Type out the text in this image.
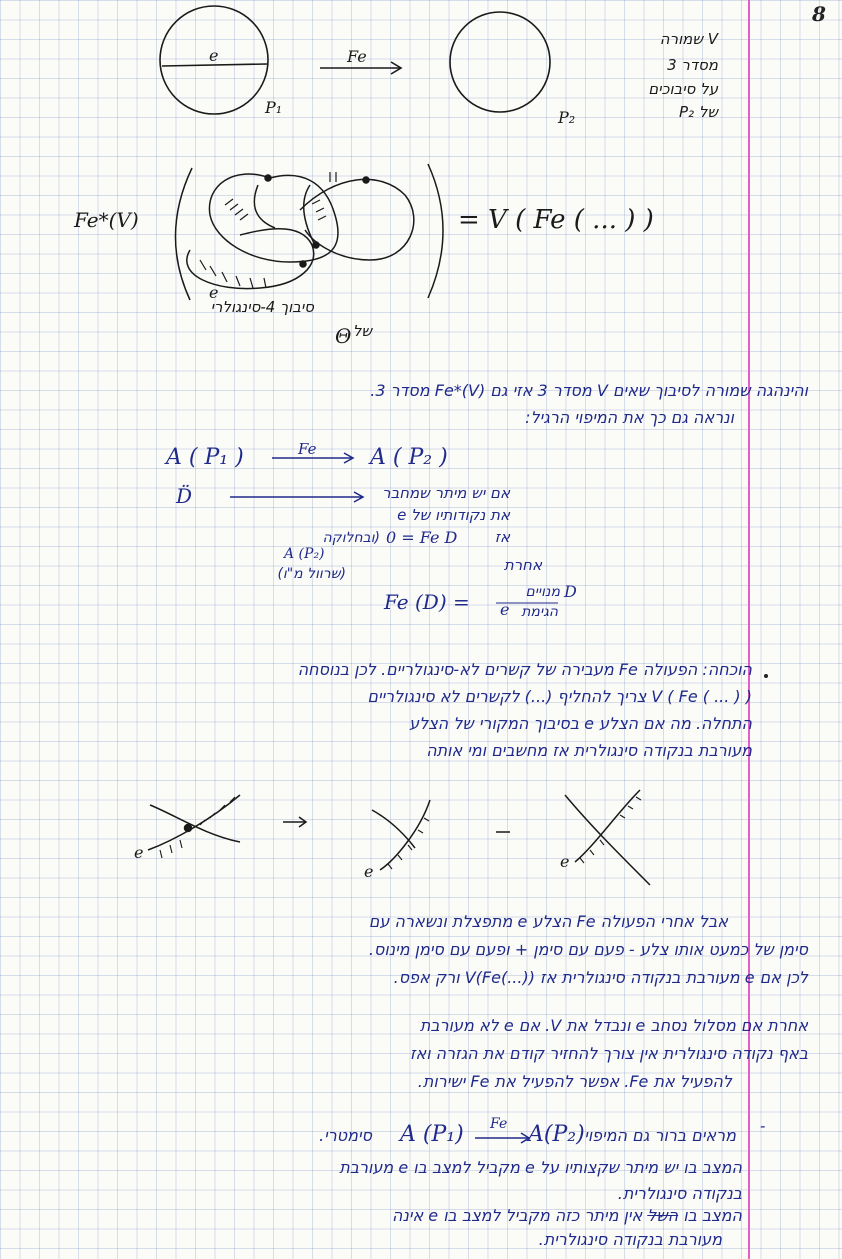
8
e	Fe
P₁
P₂
V שמורה
מסדר 3
על סיבוכים
של P₂
Fe*(V)
e
= V ( Fe ( ... ) )
סיבוך 4-סינגולרי
של
Θ
והינהגה שמורה לסיבוך שאים V מסדר 3 אזי גם Fe*(V) מסדר 3.
ונראה גם כך את המיפוי הרגיל:
A ( P₁ )	Fe A ( P₂ )
D̈	אם יש מיתר שמחבר
את נקודותיו של e
אז
0 = Fe D
(ובחלוקה
A (P₂)
(שרוול מ"ו)	אחרת
Fe (D) =	מנויים D
e הגימת
הוכחה: הפעולה Fe מעבירה של קשרים לא-סינגולריים. לכן בנוסחה
V ( Fe ( ... ) ) צריך להחליף (...) לקשרים לא סינגולריים
התחלה. מה אם הצלע e בסיבוך המקורי של הצלע
מעורבת בנקודה סינגולרית אז מחשבים ומי אותה
e
e
e
אבל אחרי הפעולה Fe הצלע e מתפצלת ונשארה עם
סימן של כמעט אותו צלע - פעם עם סימן + ופעם עם סימן מינוס.
לכן אם e מעורבת בנקודה סינגולרית אז V(Fe(...)) ורק אפס.
אחרת אם מסלול נסחב e ונבדל את V. אם e לא מעורבת
באף נקודה סינגולרית אין צורך להחזיר קודם את הגזרה ואז
להפעיל את Fe. אפשר להפעיל את Fe ישירות.
-
מראים ברור גם המיפוי
A (P₁) Fe A(P₂)
סימטרי.
המצב בו יש מיתר שקצותיו על e מקביל למצב בו e מעורבת
בנקודה סינגולרית.
המצב בו השל אין מיתר כזה מקביל למצב בו e אינה
מעורבת בנקודה סינגולרית.
